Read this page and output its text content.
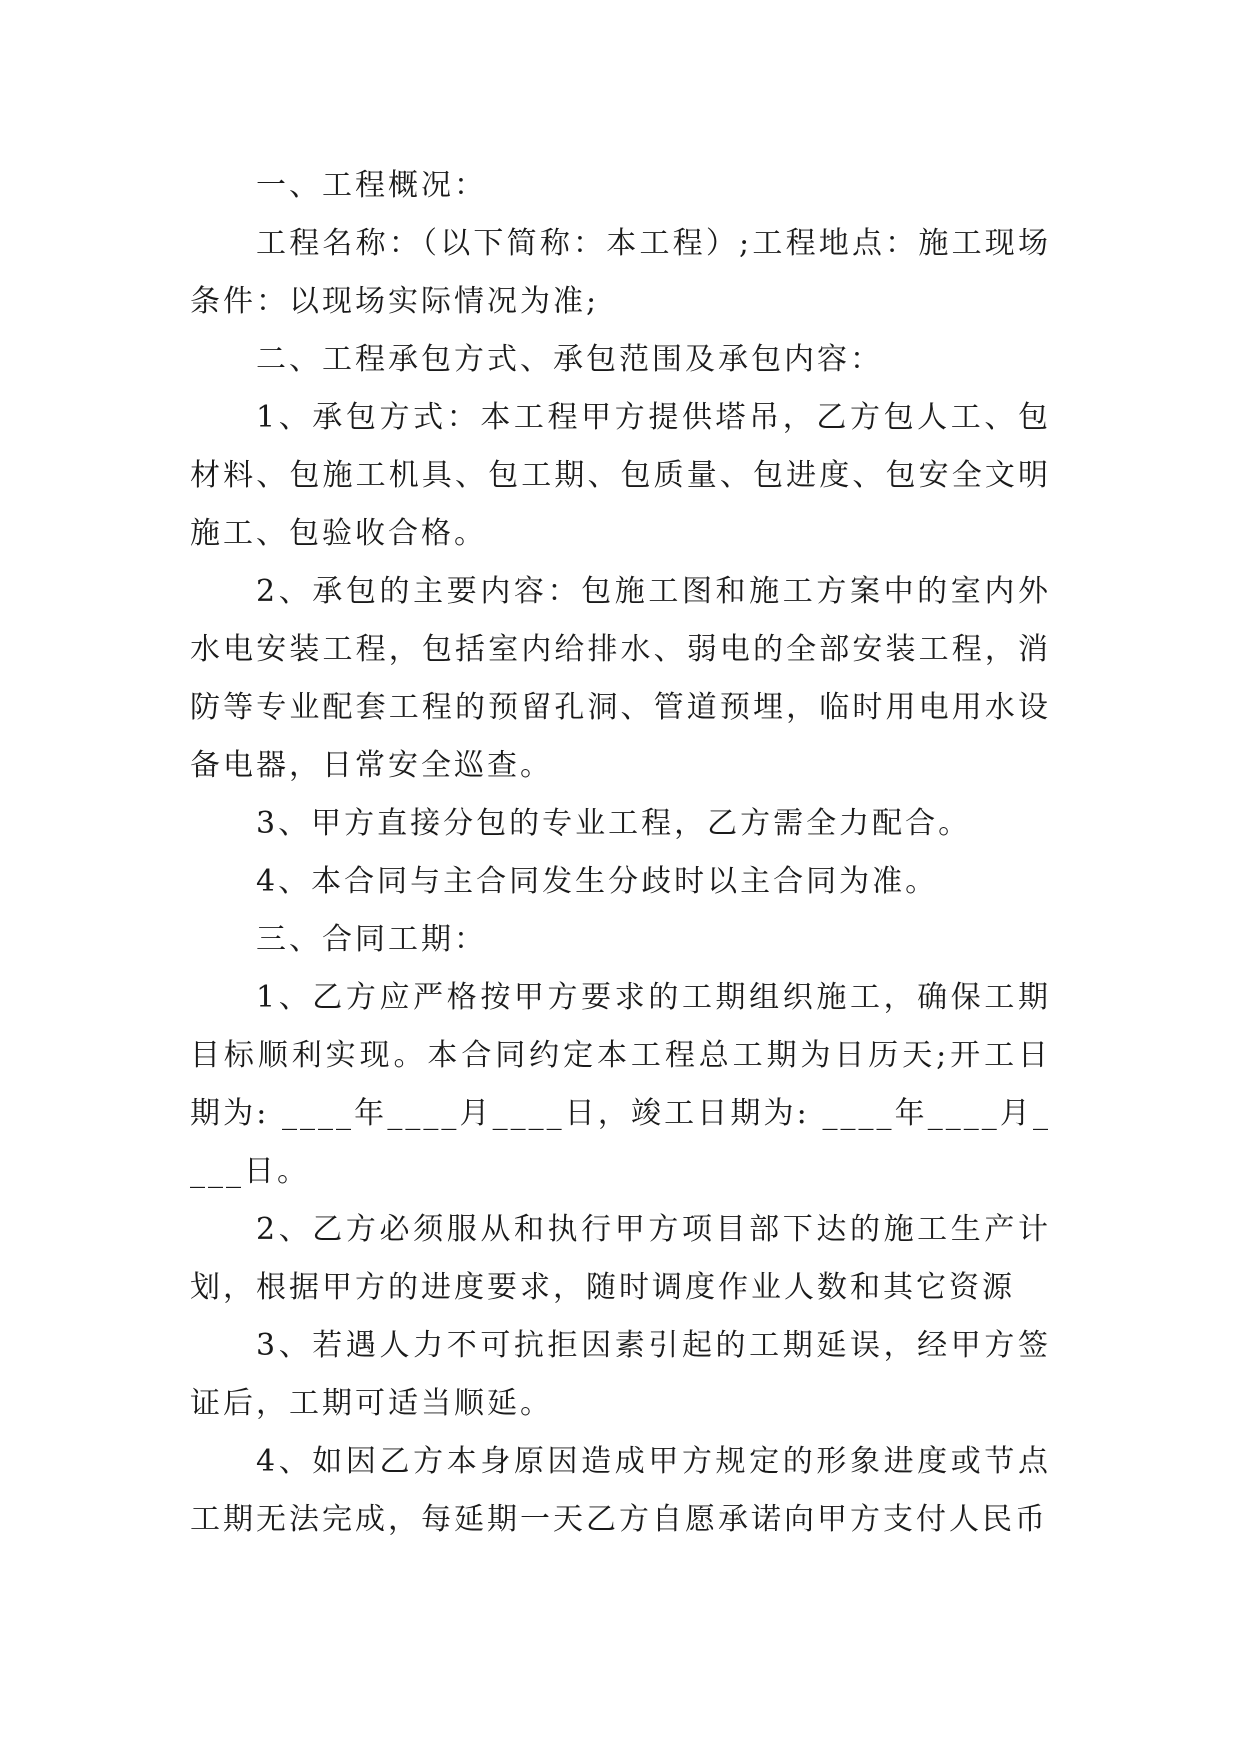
一、工程概况：

工程名称：（以下简称：本工程）;工程地点：施工现场条件：以现场实际情况为准;

二、工程承包方式、承包范围及承包内容：

1、承包方式：本工程甲方提供塔吊，乙方包人工、包材料、包施工机具、包工期、包质量、包进度、包安全文明施工、包验收合格。

2、承包的主要内容：包施工图和施工方案中的室内外水电安装工程，包括室内给排水、弱电的全部安装工程，消防等专业配套工程的预留孔洞、管道预埋，临时用电用水设备电器，日常安全巡查。

3、甲方直接分包的专业工程，乙方需全力配合。

4、本合同与主合同发生分歧时以主合同为准。

三、合同工期：

1、乙方应严格按甲方要求的工期组织施工，确保工期目标顺利实现。本合同约定本工程总工期为日历天;开工日期为: ____年____月____日，竣工日期为: ____年____月____日。

2、乙方必须服从和执行甲方项目部下达的施工生产计划，根据甲方的进度要求，随时调度作业人数和其它资源

3、若遇人力不可抗拒因素引起的工期延误，经甲方签证后，工期可适当顺延。

4、如因乙方本身原因造成甲方规定的形象进度或节点工期无法完成，每延期一天乙方自愿承诺向甲方支付人民币
